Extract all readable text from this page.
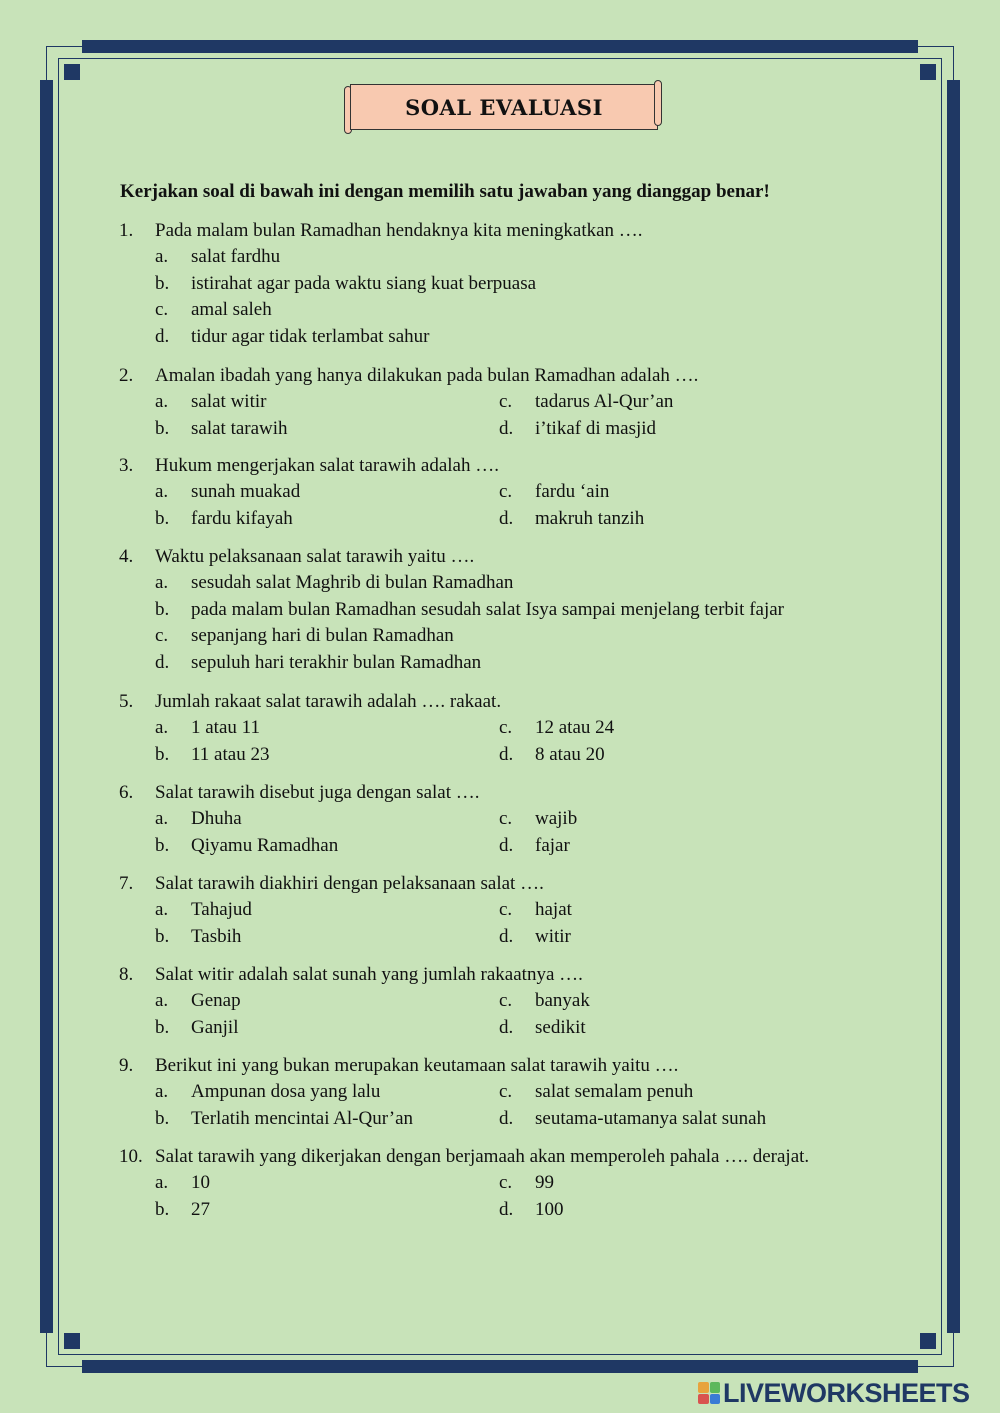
SOAL EVALUASI
Kerjakan soal di bawah ini dengan memilih satu jawaban yang dianggap benar!
1. Pada malam bulan Ramadhan hendaknya kita meningkatkan ….
a. salat fardhu
b. istirahat agar pada waktu siang kuat berpuasa
c. amal saleh
d. tidur agar tidak terlambat sahur
2. Amalan ibadah yang hanya dilakukan pada bulan Ramadhan adalah ….
a. salat witir	c. tadarus Al-Qur’an
b. salat tarawih	d. i’tikaf di masjid
3. Hukum mengerjakan salat tarawih adalah ….
a. sunah muakad	c. fardu ‘ain
b. fardu kifayah	d. makruh tanzih
4. Waktu pelaksanaan salat tarawih yaitu ….
a. sesudah salat Maghrib di bulan Ramadhan
b. pada malam bulan Ramadhan sesudah salat Isya sampai menjelang terbit fajar
c. sepanjang hari di bulan Ramadhan
d. sepuluh hari terakhir bulan Ramadhan
5. Jumlah rakaat salat tarawih adalah …. rakaat.
a. 1 atau 11	c. 12 atau 24
b. 11 atau 23	d. 8 atau 20
6. Salat tarawih disebut juga dengan salat ….
a. Dhuha	c. wajib
b. Qiyamu Ramadhan	d. fajar
7. Salat tarawih diakhiri dengan pelaksanaan salat ….
a. Tahajud	c. hajat
b. Tasbih	d. witir
8. Salat witir adalah salat sunah yang jumlah rakaatnya ….
a. Genap	c. banyak
b. Ganjil	d. sedikit
9. Berikut ini yang bukan merupakan keutamaan salat tarawih yaitu ….
a. Ampunan dosa yang lalu	c. salat semalam penuh
b. Terlatih mencintai Al-Qur’an	d. seutama-utamanya salat sunah
10. Salat tarawih yang dikerjakan dengan berjamaah akan memperoleh pahala …. derajat.
a. 10	c. 99
b. 27	d. 100
LIVEWORKSHEETS
